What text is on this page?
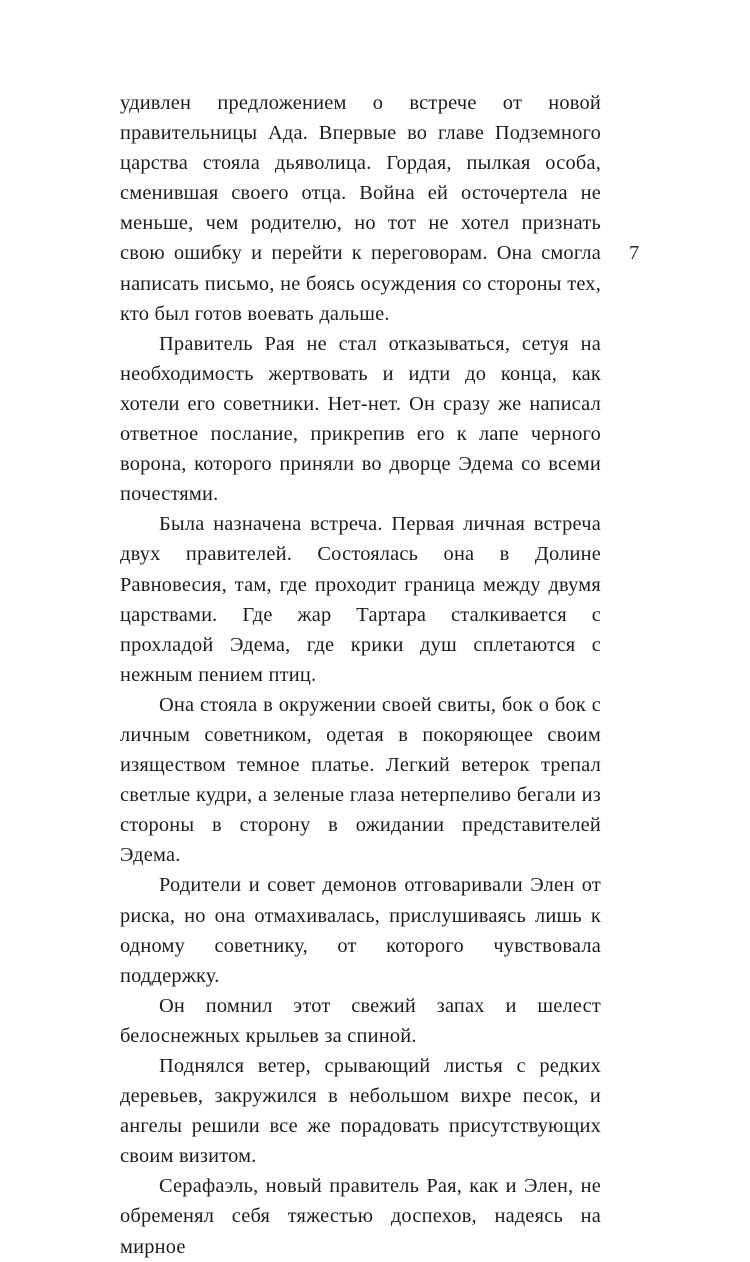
удивлен предложением о встрече от новой правительницы Ада. Впервые во главе Подземного царства стояла дьяволица. Гордая, пылкая особа, сменившая своего отца. Война ей осточертела не меньше, чем родителю, но тот не хотел признать свою ошибку и перейти к переговорам. Она смогла написать письмо, не боясь осуждения со стороны тех, кто был готов воевать дальше.

Правитель Рая не стал отказываться, сетуя на необходимость жертвовать и идти до конца, как хотели его советники. Нет-нет. Он сразу же написал ответное послание, прикрепив его к лапе черного ворона, которого приняли во дворце Эдема со всеми почестями.

Была назначена встреча. Первая личная встреча двух правителей. Состоялась она в Долине Равновесия, там, где проходит граница между двумя царствами. Где жар Тартара сталкивается с прохладой Эдема, где крики душ сплетаются с нежным пением птиц.

Она стояла в окружении своей свиты, бок о бок с личным советником, одетая в покоряющее своим изяществом темное платье. Легкий ветерок трепал светлые кудри, а зеленые глаза нетерпеливо бегали из стороны в сторону в ожидании представителей Эдема.

Родители и совет демонов отговаривали Элен от риска, но она отмахивалась, прислушиваясь лишь к одному советнику, от которого чувствовала поддержку.

Он помнил этот свежий запах и шелест белоснежных крыльев за спиной.

Поднялся ветер, срывающий листья с редких деревьев, закружился в небольшом вихре песок, и ангелы решили все же порадовать присутствующих своим визитом.

Серафаэль, новый правитель Рая, как и Элен, не обременял себя тяжестью доспехов, надеясь на мирное

7
